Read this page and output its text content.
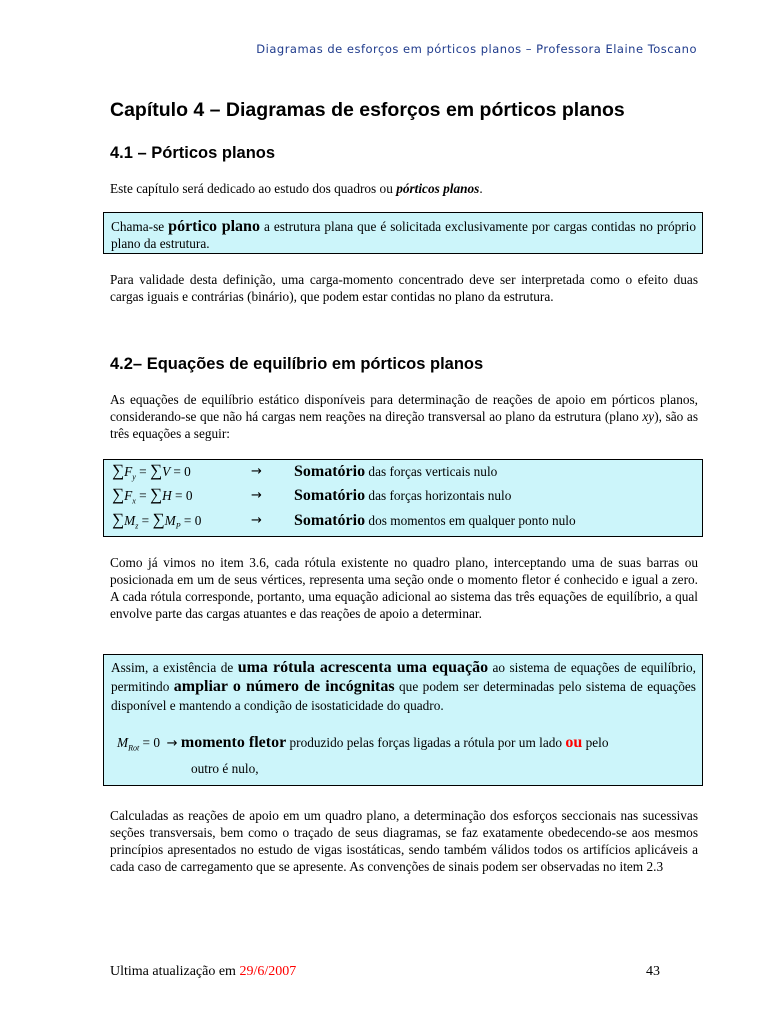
Diagramas de esforços em pórticos planos – Professora Elaine Toscano
Capítulo 4 – Diagramas de esforços em pórticos planos
4.1 – Pórticos planos
Este capítulo será dedicado ao estudo dos quadros ou pórticos planos.
Chama-se pórtico plano a estrutura plana que é solicitada exclusivamente por cargas contidas no próprio plano da estrutura.
Para validade desta definição, uma carga-momento concentrado deve ser interpretada como o efeito duas cargas iguais e contrárias (binário), que podem estar contidas no plano da estrutura.
4.2– Equações de equilíbrio em pórticos planos
As equações de equilíbrio estático disponíveis para determinação de reações de apoio em pórticos planos, considerando-se que não há cargas nem reações na direção transversal ao plano da estrutura (plano xy), são as três equações a seguir:
$\sum F_y = \sum V = 0$	→ Somatório das forças verticais nulo
$\sum F_x = \sum H = 0$	→ Somatório das forças horizontais nulo
$\sum M_z = \sum M_P = 0$	→ Somatório dos momentos em qualquer ponto nulo
Como já vimos no item 3.6, cada rótula existente no quadro plano, interceptando uma de suas barras ou posicionada em um de seus vértices, representa uma seção onde o momento fletor é conhecido e igual a zero. A cada rótula corresponde, portanto, uma equação adicional ao sistema das três equações de equilíbrio, a qual envolve parte das cargas atuantes e das reações de apoio a determinar.
Assim, a existência de uma rótula acrescenta uma equação ao sistema de equações de equilíbrio, permitindo ampliar o número de incógnitas que podem ser determinadas pelo sistema de equações disponível e mantendo a condição de isostaticidade do quadro.
$M_{Rot} = 0$ → momento fletor produzido pelas forças ligadas a rótula por um lado ou pelo
outro é nulo,
Calculadas as reações de apoio em um quadro plano, a determinação dos esforços seccionais nas sucessivas seções transversais, bem como o traçado de seus diagramas, se faz exatamente obedecendo-se aos mesmos princípios apresentados no estudo de vigas isostáticas, sendo também válidos todos os artifícios aplicáveis a cada caso de carregamento que se apresente. As convenções de sinais podem ser observadas no item 2.3
Ultima atualização em 29/6/2007	43
